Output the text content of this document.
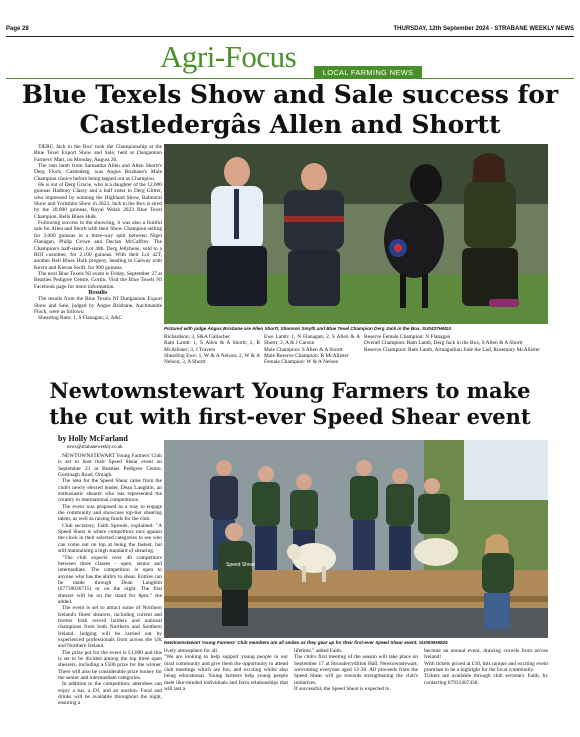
Page 28	THURSDAY, 12th September 2024 - STRABANE WEEKLY NEWS
Agri-Focus	LOCAL FARMING NEWS
Blue Texels Show and Sale success for
Castledergâs Allen and Shortt

'DERG Jack in the Box' took the Championship at the Blue Texel Export Show and Sale, held at Dungannon Farmers' Mart, on Monday, August 26.

The ram lamb from Samantha Allen and Allen Shortt's Derg Flock, Castlederg, was Angus Brisbane's Male Champion choice before being tapped out as Champion.

He is out of Derg Gracie, who is a daughter of the 12,000 guineas Hadtoey Classy and a half sister to Derg Glitter, who impressed by winning the Highland Show, Balmoral Show and Yorkshire Show in 2023. Jack in the Box is sired by the 20,000 guineas, Royal Welsh 2023 Blue Texel Champion, Bells Blues Hulk.

Following success in the showring, it was also a fruitful sale for Allen and Shortt with their Show Champion selling for 3,000 guineas in a three-way split between Nigel Flanagan, Philip Crowe and Declan McCaffrey. The Champion's half-sister, Lot 48b, Derg Jellybean, sold to a ROI customer, for 2,100 guineas. With their Lot 42T, another Bell Blues Hulk progeny, heading to Galway with Kevin and Kieran Swift, for 900 guineas.

The next Blue Texels NI event is Friday, September 27 at Beatties Pedigree Centre, Gortin. Visit the Blue Texels NI Facebook page for more information.

Results

The results from the Blue Texels NI Dungannon Export Show and Sale, judged by Angus Brisbane, Auchmantle Flock, were as follows:

Shearling Ram: 1, S Flanagan; 2, A&C

Pictured with judge Angus Brisbane are Allen Shortt, Shannon Smyth and Blue Texel Champion Derg Jack in the Box. SU0437HM24
Richardson; 3, S&A Gallacher
Ram Lamb: 1, S Allen & A Shortt; 2, R McAllister; 3, J Travers
Shearling Ewe: 1, W & A Nelson; 2, W & A Nelson; 3, A Shortt
Ewe Lamb: 1, N Flanagan; 2, S Allen & A Shortt; 3, A & J Carson
Male Champion: S Allen & A Shortt
Male Reserve Champion: R McAllister
Female Champion: W & A Nelson
Reserve Female Champion: N Flanagan
Overall Champion: Ram Lamb, Derg Jack in the Box, S Allen & A Shortt
Reserve Champion: Ram Lamb, Artnagullian Jude the Lad, Rosemary McAllister
Newtownstewart Young Farmers to make
the cut with first-ever Speed Shear event
by Holly McFarland
news@strabaneweekly.co.uk

NEWTOWNSTEWART Young Farmers' Club is set to host their Speed Shear event on September 21 at Beatties Pedigree Centre, Gortinagh Road, Omagh.

The idea for the Speed Shear came from the club's newly elected leader, Dean Laughlin, an enthusiastic shearer who has represented the country in international competitions.

The event was proposed as a way to engage the community and showcase top-tier shearing talent, as well as raising funds for the club.

Club secretary, Faith Sproule, explained: "A Speed Shear is where competitors race against the clock in their selected categories to see who can come out on top at being the fastest, but still maintaining a high standard of shearing.

"The club expects over 40 competitors between three classes - open, senior and intermediate. The competition is open to anyone who has the ability to shear. Entries can be made through Dean Laughlin (07730036715) or on the night. The first shearer will be on the stand for 8pm," she added.

The event is set to attract some of Northern Ireland's finest shearers, including current and former Irish record holders and national champions from both Northern and Southern Ireland. Judging will be carried out by experienced professionals from across the UK and Northern Ireland.

The prize pot for the event is £1,000 and this is set to be divided among the top three open shearers, including a £500 prize for the winner. There will also be considerable prize money for the senior and intermediate categories.

In addition to the competition, attendees can enjoy a bar, a DJ, and an auction. Food and drinks will be available throughout the night, ensuring a

Speed Shear
Newtownstewart Young Farmers' Club members are all smiles as they gear up for their first-ever Speed Shear event. SU0936HM24
lively atmosphere for all.
"We are looking to help support young people in our rural community and give them the opportunity to attend club meetings which are fun, and exciting whilst also being educational. Young farmers help young people meet like-minded individuals and form relationships that will last a
lifetime," added Faith.
The club's first meeting of the season will take place on September 17 at Strouderrydillon Hall, Newtownstewart, welcoming everyone aged 12-30. All proceeds from the Speed Shear will go towards strengthening the club's initiatives.
If successful, the Speed Shear is expected to
become an annual event, drawing crowds from across Ireland!
With tickets priced at £10, this unique and exciting event promises to be a highlight for the local community.
Tickets are available through club secretary Faith, by contacting 07931467438.
